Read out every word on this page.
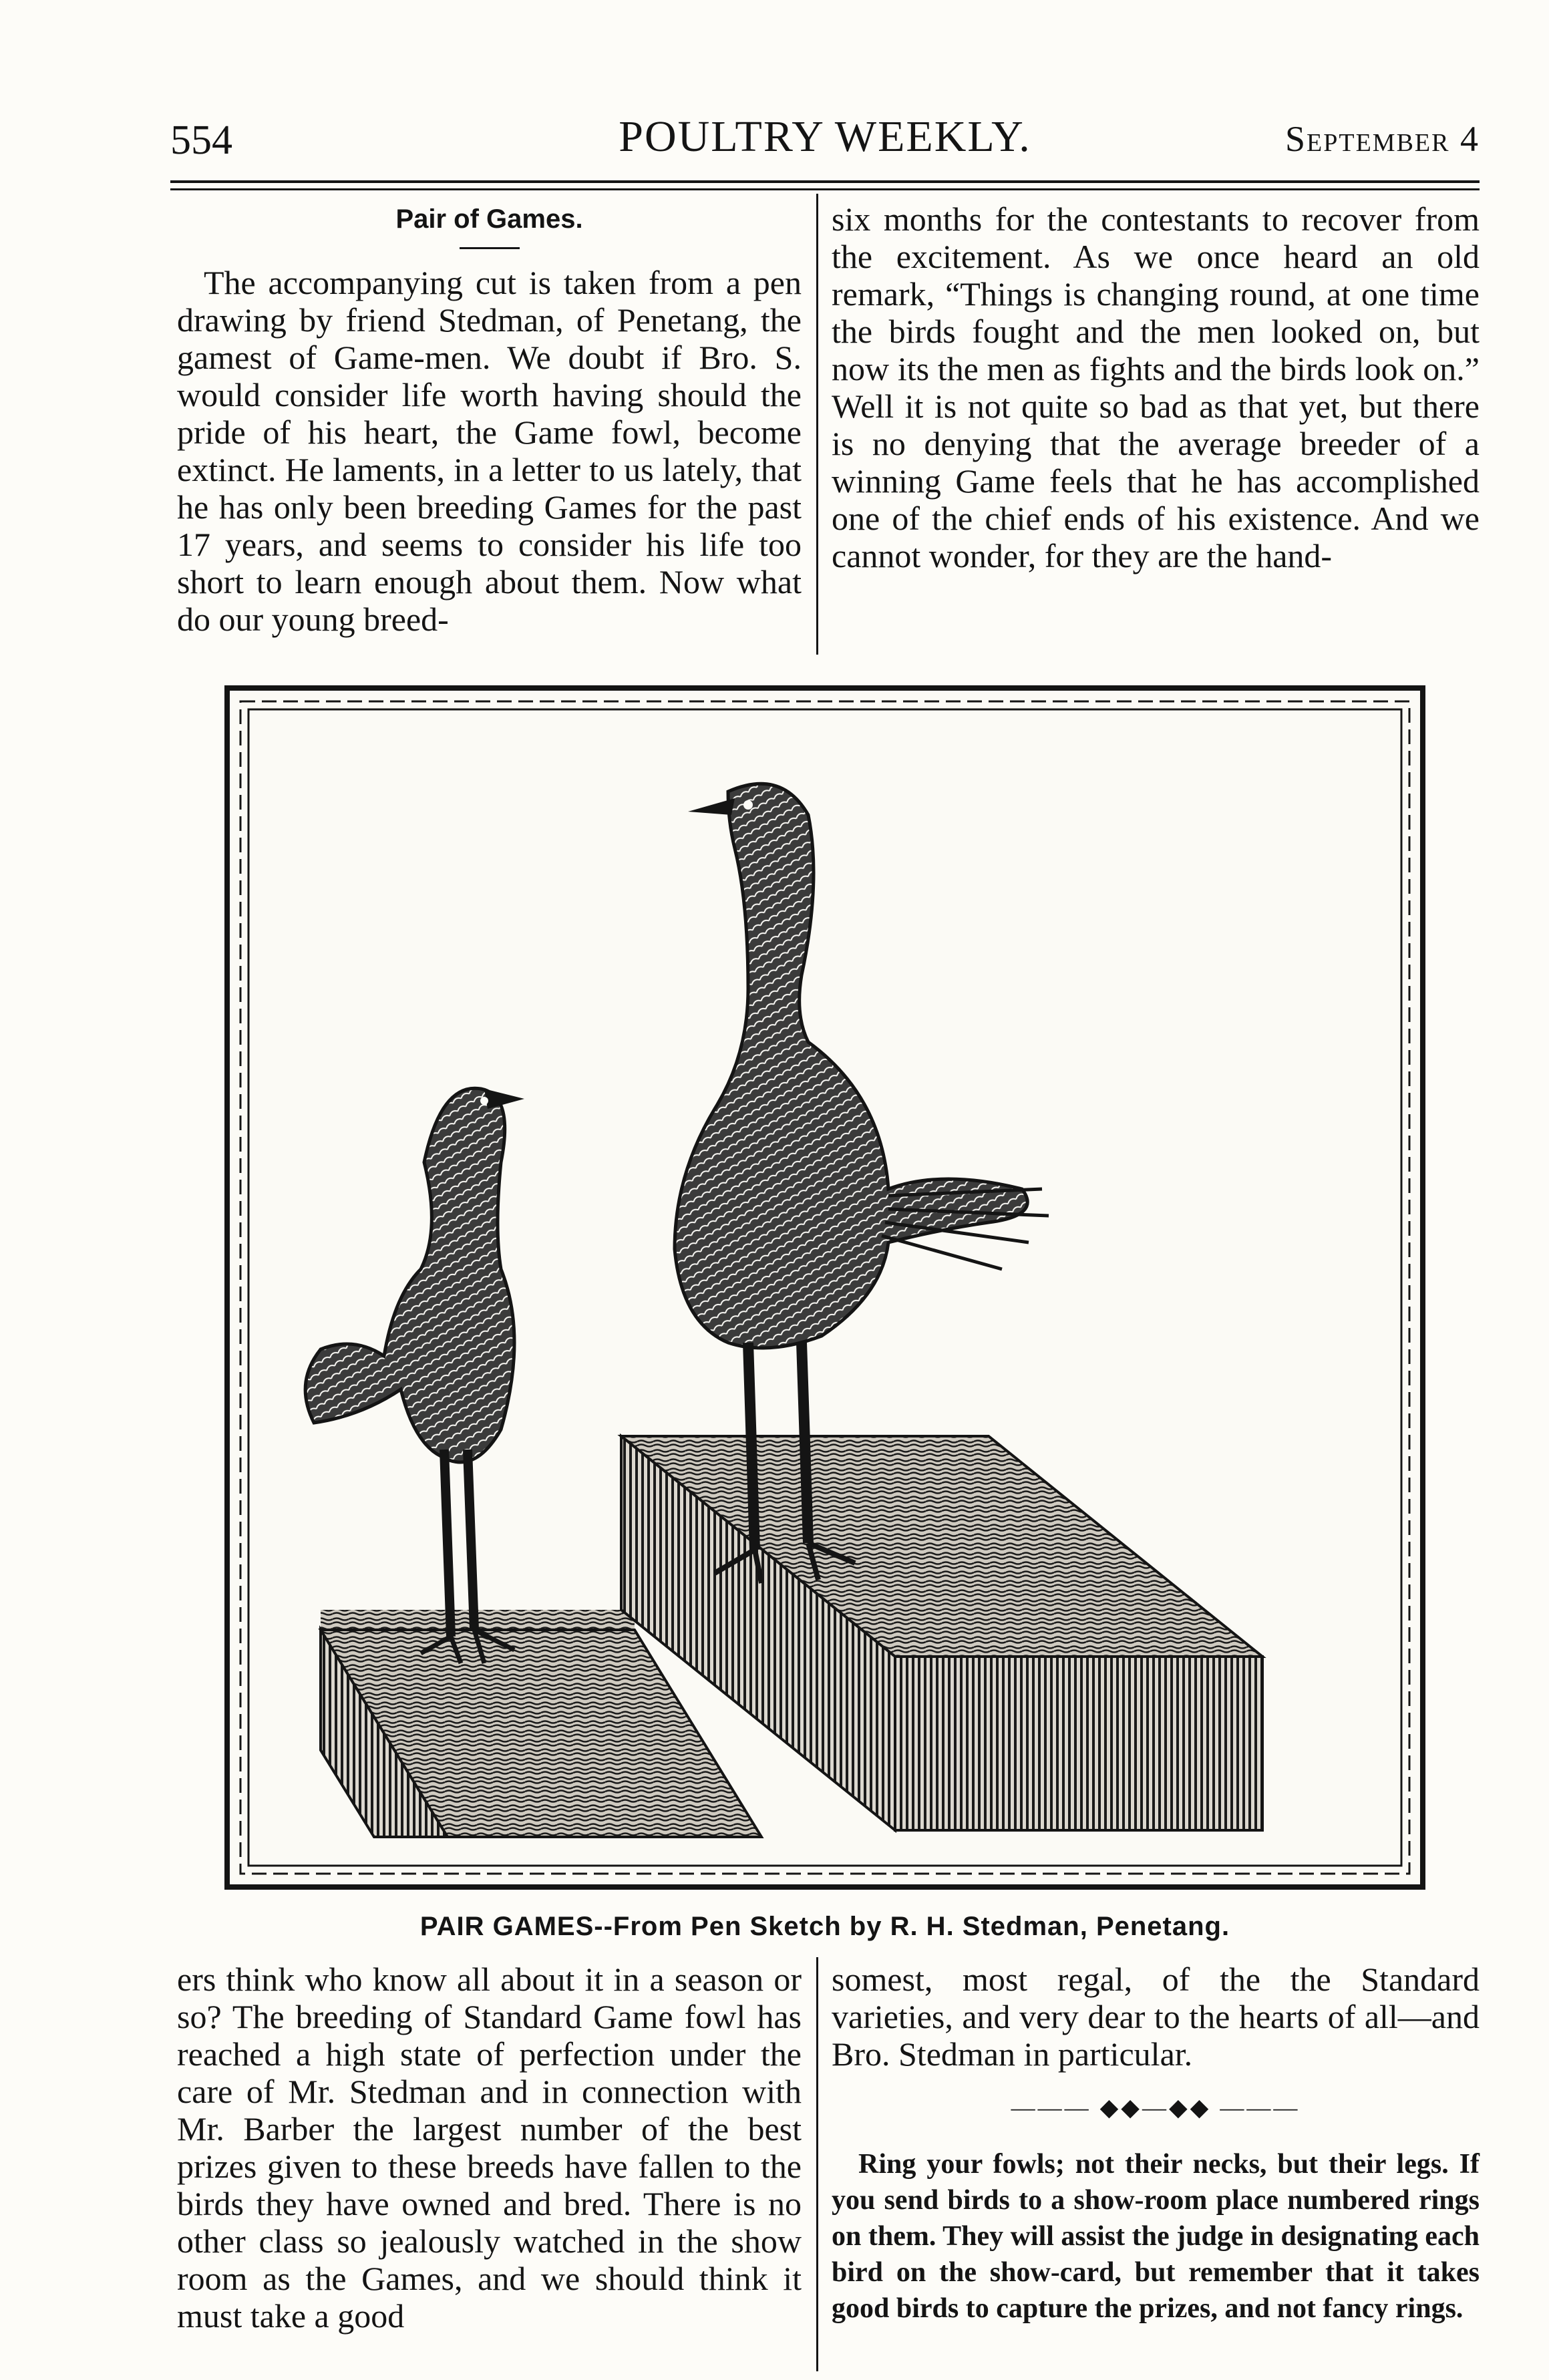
554	POULTRY WEEKLY.	September 4

Pair of Games.

The accompanying cut is taken from a pen drawing by friend Stedman, of Penetang, the gamest of Game-men. We doubt if Bro. S. would consider life worth having should the pride of his heart, the Game fowl, become extinct. He laments, in a letter to us lately, that he has only been breeding Games for the past 17 years, and seems to consider his life too short to learn enough about them. Now what do our young breed-

six months for the contestants to recover from the excitement. As we once heard an old remark, “Things is changing round, at one time the birds fought and the men looked on, but now its the men as fights and the birds look on.” Well it is not quite so bad as that yet, but there is no denying that the average breeder of a winning Game feels that he has accomplished one of the chief ends of his existence. And we cannot wonder, for they are the hand-

PAIR GAMES--From Pen Sketch by R. H. Stedman, Penetang.

ers think who know all about it in a season or so? The breeding of Standard Game fowl has reached a high state of perfection under the care of Mr. Stedman and in connection with Mr. Barber the largest number of the best prizes given to these breeds have fallen to the birds they have owned and bred. There is no other class so jealously watched in the show room as the Games, and we should think it must take a good

somest, most regal, of the the Standard varieties, and very dear to the hearts of all—and Bro. Stedman in particular.

——— ◆◆—◆◆ ———

Ring your fowls; not their necks, but their legs. If you send birds to a show-room place numbered rings on them. They will assist the judge in designating each bird on the show-card, but remember that it takes good birds to capture the prizes, and not fancy rings.
